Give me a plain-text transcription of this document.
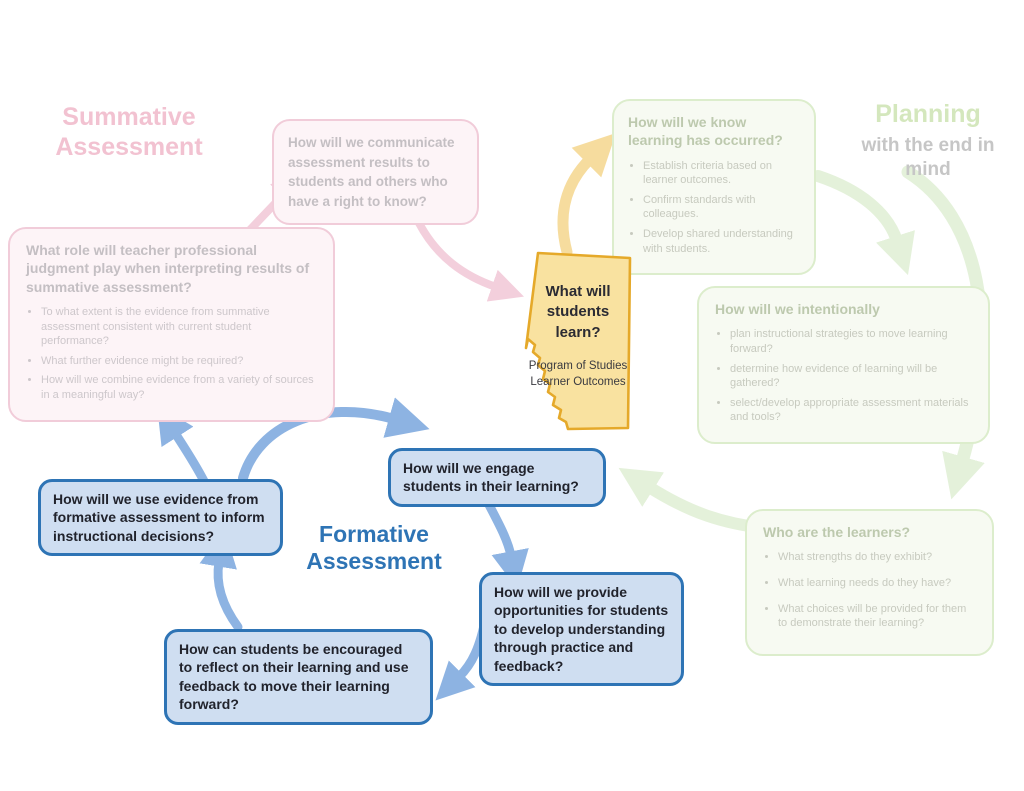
Summative Assessment
Planning
with the end in mind
Formative Assessment
How will we communicate assessment results to students and others who have a right to know?
What role will teacher professional judgment play when interpreting results of summative assessment?
• To what extent is the evidence from summative assessment consistent with current student performance?
• What further evidence might be required?
• How will we combine evidence from a variety of sources in a meaningful way?
How will we know learning has occurred?
• Establish criteria based on learner outcomes.
• Confirm standards with colleagues.
• Develop shared understanding with students.
How will we intentionally
• plan instructional strategies to move learning forward?
• determine how evidence of learning will be gathered?
• select/develop appropriate assessment materials and tools?
Who are the learners?
• What strengths do they exhibit?
• What learning needs do they have?
• What choices will be provided for them to demonstrate their learning?
What will students learn?
Program of Studies Learner Outcomes
How will we engage students in their learning?
How will we use evidence from formative assessment to inform instructional decisions?
How will we provide opportunities for students to develop understanding through practice and feedback?
How can students be encouraged to reflect on their learning and use feedback to move their learning forward?
